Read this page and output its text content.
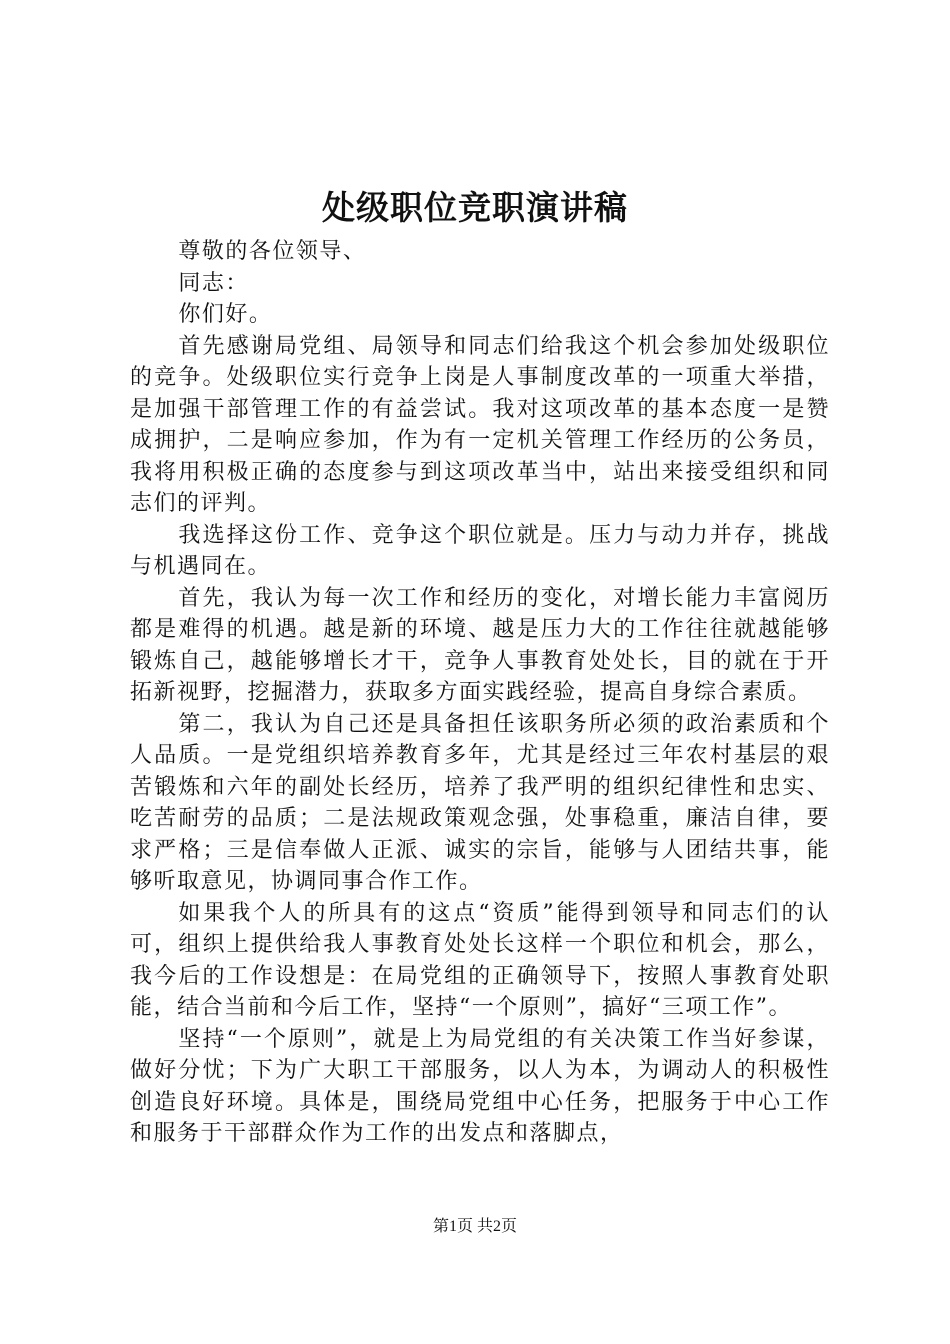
处级职位竞职演讲稿

尊敬的各位领导、

同志：

你们好。

首先感谢局党组、局领导和同志们给我这个机会参加处级职位的竞争。处级职位实行竞争上岗是人事制度改革的一项重大举措，是加强干部管理工作的有益尝试。我对这项改革的基本态度一是赞成拥护，二是响应参加，作为有一定机关管理工作经历的公务员，我将用积极正确的态度参与到这项改革当中，站出来接受组织和同志们的评判。

我选择这份工作、竞争这个职位就是。压力与动力并存，挑战与机遇同在。

首先，我认为每一次工作和经历的变化，对增长能力丰富阅历都是难得的机遇。越是新的环境、越是压力大的工作往往就越能够锻炼自己，越能够增长才干，竞争人事教育处处长，目的就在于开拓新视野，挖掘潜力，获取多方面实践经验，提高自身综合素质。

第二，我认为自己还是具备担任该职务所必须的政治素质和个人品质。一是党组织培养教育多年，尤其是经过三年农村基层的艰苦锻炼和六年的副处长经历，培养了我严明的组织纪律性和忠实、吃苦耐劳的品质；二是法规政策观念强，处事稳重，廉洁自律，要求严格；三是信奉做人正派、诚实的宗旨，能够与人团结共事，能够听取意见，协调同事合作工作。

如果我个人的所具有的这点“资质”能得到领导和同志们的认可，组织上提供给我人事教育处处长这样一个职位和机会，那么，我今后的工作设想是：在局党组的正确领导下，按照人事教育处职能，结合当前和今后工作，坚持“一个原则”，搞好“三项工作”。

坚持“一个原则”，就是上为局党组的有关决策工作当好参谋，做好分忧；下为广大职工干部服务，以人为本，为调动人的积极性创造良好环境。具体是，围绕局党组中心任务，把服务于中心工作和服务于干部群众作为工作的出发点和落脚点，

第1页 共2页
